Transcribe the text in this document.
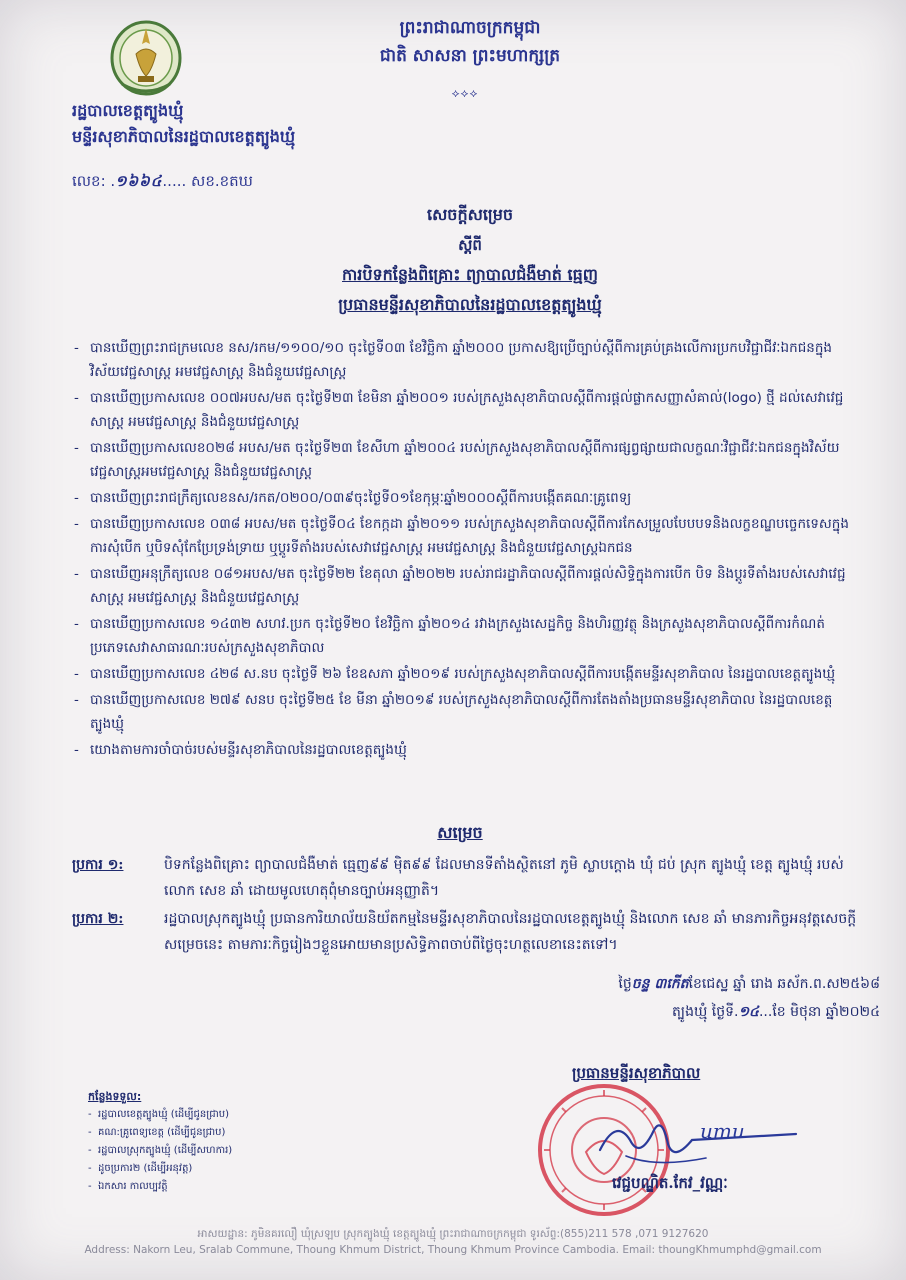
ព្រះរាជាណាចក្រកម្ពុជា
ជាតិ សាសនា ព្រះមហាក្សត្រ
⟡⟡⟡
រដ្ឋបាលខេត្តត្បូងឃ្មុំ
មន្ទីរសុខាភិបាលនៃរដ្ឋបាលខេត្តត្បូងឃ្មុំ
លេខ: .១៦៦៤..... សខ.ខតឃ
សេចក្ដីសម្រេច
ស្ដីពី
ការបិទកន្លែងពិគ្រោះ ព្យាបាលជំងឺមាត់ ធ្មេញ
ប្រធានមន្ទីរសុខាភិបាលនៃរដ្ឋបាលខេត្តត្បូងឃ្មុំ
- បានឃើញព្រះរាជក្រមលេខ នស/រកម/១១០០/១០ ចុះថ្ងៃទី០៣ ខែវិច្ឆិកា ឆ្នាំ២០០០ ប្រកាសឱ្យប្រើច្បាប់ស្ដីពីការគ្រប់គ្រងលើការប្រកបវិជ្ជាជីវៈឯកជនក្នុងវិស័យវេជ្ជសាស្ត្រ អមវេជ្ជសាស្ត្រ និងជំនួយវេជ្ជសាស្ត្រ
- បានឃើញប្រកាសលេខ ០០៧អបស/មត ចុះថ្ងៃទី២៣ ខែមិនា ឆ្នាំ២០០១ របស់ក្រសួងសុខាភិបាលស្ដីពីការផ្ដល់ផ្លាកសញ្ញាសំគាល់(logo) ថ្មី ដល់សេវាវេជ្ជសាស្ត្រ អមវេជ្ជសាស្ត្រ និងជំនួយវេជ្ជសាស្ត្រ
- បានឃើញប្រកាសលេខ០២៨ អបស/មត ចុះថ្ងៃទី២៣ ខែសីហា ឆ្នាំ២០០៤ របស់ក្រសួងសុខាភិបាលស្ដីពីការផ្សព្វផ្សាយជាលក្ខណៈវិជ្ជាជីវៈឯកជនក្នុងវិស័យវេជ្ជសាស្ត្រអមវេជ្ជសាស្ត្រ និងជំនួយវេជ្ជសាស្ត្រ
- បានឃើញព្រះរាជក្រឹត្យលេខនស/រកត/០២០០/០៣៩ចុះថ្ងៃទី០១ខែកុម្ភៈឆ្នាំ២០០០ស្ដីពីការបង្កើតគណៈគ្រូពេទ្យ
- បានឃើញប្រកាសលេខ ០៣៨ អបស/មត ចុះថ្ងៃទី០៤ ខែកក្កដា ឆ្នាំ២០១១ របស់ក្រសួងសុខាភិបាលស្ដីពីការកែសម្រួលបែបបទនិងលក្ខខណ្ឌបច្ចេកទេសក្នុងការសុំបើក ឬបិទសុំកែប្រែទ្រង់ទ្រាយ ឬប្ដូរទីតាំងរបស់សេវាវេជ្ជសាស្ត្រ អមវេជ្ជសាស្ត្រ និងជំនួយវេជ្ជសាស្ត្រឯកជន
- បានឃើញអនុក្រឹត្យលេខ ០៨១អបស/មត ចុះថ្ងៃទី២២ ខែតុលា ឆ្នាំ២០២២ របស់រាជរដ្ឋាភិបាលស្ដីពីការផ្ដល់សិទ្ធិក្នុងការបើក បិទ និងប្ដូរទីតាំងរបស់សេវាវេជ្ជសាស្ត្រ អមវេជ្ជសាស្ត្រ និងជំនួយវេជ្ជសាស្ត្រ
- បានឃើញប្រកាសលេខ ១៤៣២ សហវ.ប្រក ចុះថ្ងៃទី២០ ខែវិច្ឆិកា ឆ្នាំ២០១៤ រវាងក្រសួងសេដ្ឋកិច្ច និងហិរញ្ញវត្ថុ និងក្រសួងសុខាភិបាលស្ដីពីការកំណត់ប្រភេទសេវាសាធារណៈរបស់ក្រសួងសុខាភិបាល
- បានឃើញប្រកាសលេខ ៤២៨ ស.នប ចុះថ្ងៃទី ២៦ ខែឧសភា ឆ្នាំ២០១៩ របស់ក្រសួងសុខាភិបាលស្ដីពីការបង្កើតមន្ទីរសុខាភិបាល នៃរដ្ឋបាលខេត្តត្បូងឃ្មុំ
- បានឃើញប្រកាសលេខ ២៧៩ សនប ចុះថ្ងៃទី២៥ ខែ មីនា ឆ្នាំ២០១៩ របស់ក្រសួងសុខាភិបាលស្ដីពីការតែងតាំងប្រធានមន្ទីរសុខាភិបាល នៃរដ្ឋបាលខេត្តត្បូងឃ្មុំ
- យោងតាមការចាំបាច់របស់មន្ទីរសុខាភិបាលនៃរដ្ឋបាលខេត្តត្បូងឃ្មុំ
សម្រេច
ប្រការ ១:	បិទកន្លែងពិគ្រោះ ព្យាបាលជំងឺមាត់ ធ្មេញ៩៩ ម៉ិត៩៩ ដែលមានទីតាំងស្ថិតនៅ ភូមិ ស្លាបក្ដោង ឃុំ ជប់ ស្រុក ត្បូងឃ្មុំ ខេត្ត ត្បូងឃ្មុំ របស់លោក សេខ ឆាំ ដោយមូលហេតុពុំមានច្បាប់អនុញ្ញាតិ។
ប្រការ ២:	រដ្ឋបាលស្រុកត្បូងឃ្មុំ ប្រធានការិយាល័យនិយ័តកម្មនៃមន្ទីរសុខាភិបាលនៃរដ្ឋបាលខេត្តត្បូងឃ្មុំ និងលោក សេខ ឆាំ មានភារកិច្ចអនុវត្តសេចក្ដីសម្រេចនេះ តាមភារៈកិច្ចរៀងៗខ្លួនអោយមានប្រសិទ្ធិភាពចាប់ពីថ្ងៃចុះហត្ថលេខានេះតទៅ។
ថ្ងៃចន្ទ ៣កេីតខែជេស្ឋ ឆ្នាំ រោង ឆស័ក.ព.ស២៥៦៨
ត្បូងឃ្មុំ ថ្ងៃទី.១៤...ខែ មិថុនា ឆ្នាំ២០២៤
ប្រធានមន្ទីរសុខាភិបាល
umu
វេជ្ជបណ្ឌិត.កែវ_វណ្ណៈ
កន្លែងទទួល:
- រដ្ឋបាលខេត្តត្បូងឃ្មុំ (ដើម្បីជូនជ្រាប)
- គណ:គ្រូពេទ្យខេត្ត (ដើម្បីជូនជ្រាប)
- រដ្ឋបាលស្រុកត្បូងឃ្មុំ (ដើម្បីសហការ)
- ដូចប្រការ២ (ដើម្បីអនុវត្ត)
- ឯកសារ កាលប្បវត្តិ
អាសយដ្ឋាន: ភូមិនគរលឿ ឃុំស្រឡប ស្រុកត្បូងឃ្មុំ ខេត្តត្បូងឃ្មុំ ព្រះរាជាណាចក្រកម្ពុជា ទូរស័ព្ទ:(855)211 578 ,071 9127620
Address: Nakorn Leu, Sralab Commune, Thoung Khmum District, Thoung Khmum Province Cambodia. Email: thoungKhmumphd@gmail.com
